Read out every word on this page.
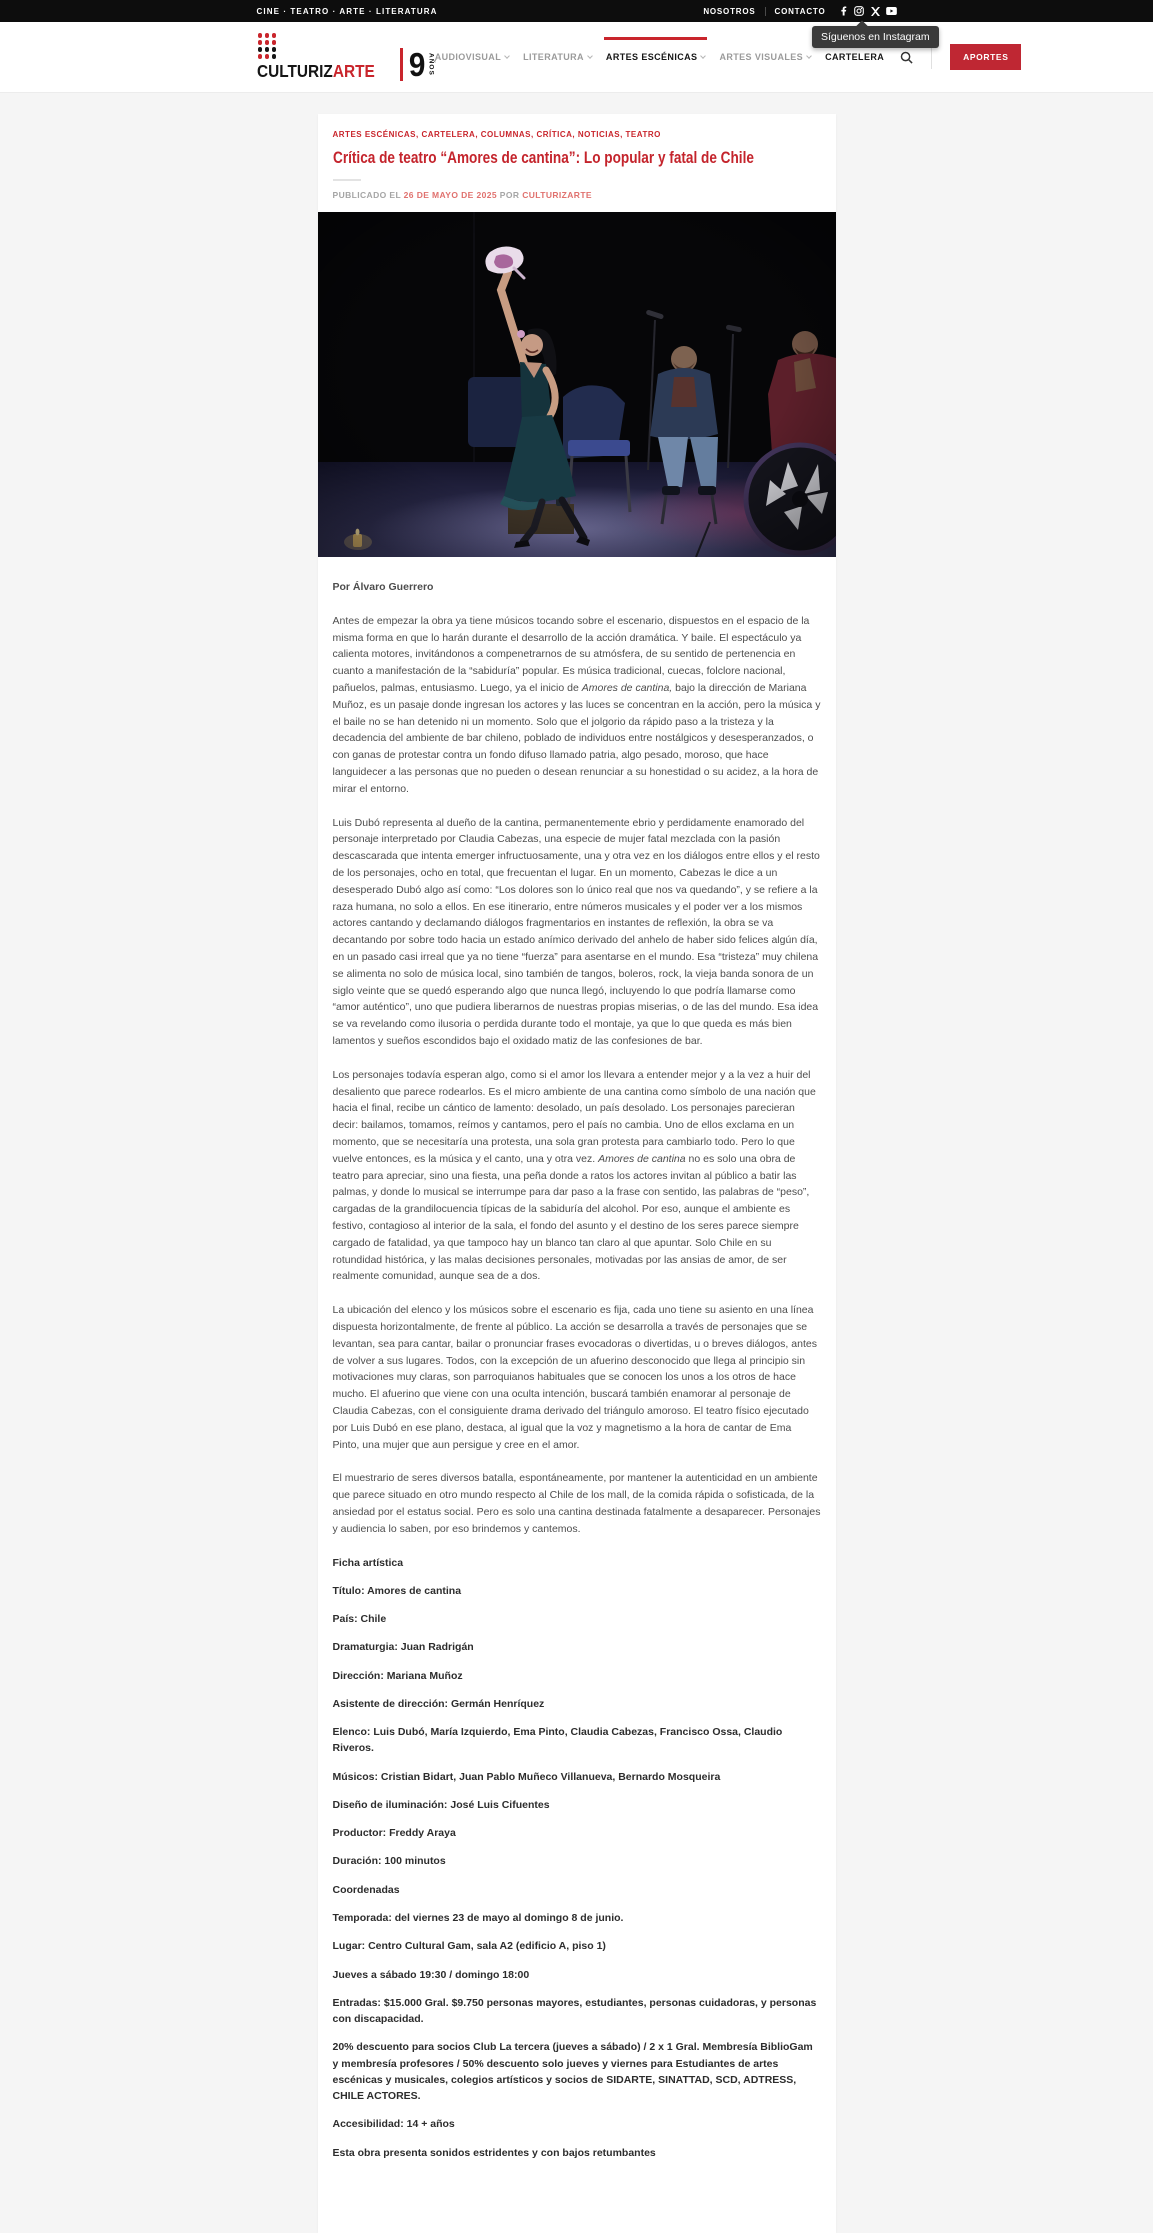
CINE · TEATRO · ARTE · LITERATURA	NOSOTROS CONTACTO
Síguenos en Instagram
CULTURIZARTE 9 AÑOS AUDIOVISUAL	LITERATURA	ARTES ESCÉNICAS	ARTES VISUALES	CARTELERA	APORTES
ARTES ESCÉNICAS, CARTELERA, COLUMNAS, CRÍTICA, NOTICIAS, TEATRO
Crítica de teatro “Amores de cantina”: Lo popular y fatal de Chile
PUBLICADO EL 26 DE MAYO DE 2025 POR CULTURIZARTE

Por Álvaro Guerrero

Antes de empezar la obra ya tiene músicos tocando sobre el escenario, dispuestos en el espacio de la misma forma en que lo harán durante el desarrollo de la acción dramática. Y baile. El espectáculo ya calienta motores, invitándonos a compenetrarnos de su atmósfera, de su sentido de pertenencia en cuanto a manifestación de la “sabiduría” popular. Es música tradicional, cuecas, folclore nacional, pañuelos, palmas, entusiasmo. Luego, ya el inicio de Amores de cantina, bajo la dirección de Mariana Muñoz, es un pasaje donde ingresan los actores y las luces se concentran en la acción, pero la música y el baile no se han detenido ni un momento. Solo que el jolgorio da rápido paso a la tristeza y la decadencia del ambiente de bar chileno, poblado de individuos entre nostálgicos y desesperanzados, o con ganas de protestar contra un fondo difuso llamado patria, algo pesado, moroso, que hace languidecer a las personas que no pueden o desean renunciar a su honestidad o su acidez, a la hora de mirar el entorno.

Luis Dubó representa al dueño de la cantina, permanentemente ebrio y perdidamente enamorado del personaje interpretado por Claudia Cabezas, una especie de mujer fatal mezclada con la pasión descascarada que intenta emerger infructuosamente, una y otra vez en los diálogos entre ellos y el resto de los personajes, ocho en total, que frecuentan el lugar. En un momento, Cabezas le dice a un desesperado Dubó algo así como: “Los dolores son lo único real que nos va quedando”, y se refiere a la raza humana, no solo a ellos. En ese itinerario, entre números musicales y el poder ver a los mismos actores cantando y declamando diálogos fragmentarios en instantes de reflexión, la obra se va decantando por sobre todo hacia un estado anímico derivado del anhelo de haber sido felices algún día, en un pasado casi irreal que ya no tiene “fuerza” para asentarse en el mundo. Esa “tristeza” muy chilena se alimenta no solo de música local, sino también de tangos, boleros, rock, la vieja banda sonora de un siglo veinte que se quedó esperando algo que nunca llegó, incluyendo lo que podría llamarse como “amor auténtico”, uno que pudiera liberarnos de nuestras propias miserias, o de las del mundo. Esa idea se va revelando como ilusoria o perdida durante todo el montaje, ya que lo que queda es más bien lamentos y sueños escondidos bajo el oxidado matiz de las confesiones de bar.

Los personajes todavía esperan algo, como si el amor los llevara a entender mejor y a la vez a huir del desaliento que parece rodearlos. Es el micro ambiente de una cantina como símbolo de una nación que hacia el final, recibe un cántico de lamento: desolado, un país desolado. Los personajes parecieran decir: bailamos, tomamos, reímos y cantamos, pero el país no cambia. Uno de ellos exclama en un momento, que se necesitaría una protesta, una sola gran protesta para cambiarlo todo. Pero lo que vuelve entonces, es la música y el canto, una y otra vez. Amores de cantina no es solo una obra de teatro para apreciar, sino una fiesta, una peña donde a ratos los actores invitan al público a batir las palmas, y donde lo musical se interrumpe para dar paso a la frase con sentido, las palabras de “peso”, cargadas de la grandilocuencia típicas de la sabiduría del alcohol. Por eso, aunque el ambiente es festivo, contagioso al interior de la sala, el fondo del asunto y el destino de los seres parece siempre cargado de fatalidad, ya que tampoco hay un blanco tan claro al que apuntar. Solo Chile en su rotundidad histórica, y las malas decisiones personales, motivadas por las ansias de amor, de ser realmente comunidad, aunque sea de a dos.

La ubicación del elenco y los músicos sobre el escenario es fija, cada uno tiene su asiento en una línea dispuesta horizontalmente, de frente al público. La acción se desarrolla a través de personajes que se levantan, sea para cantar, bailar o pronunciar frases evocadoras o divertidas, u o breves diálogos, antes de volver a sus lugares. Todos, con la excepción de un afuerino desconocido que llega al principio sin motivaciones muy claras, son parroquianos habituales que se conocen los unos a los otros de hace mucho. El afuerino que viene con una oculta intención, buscará también enamorar al personaje de Claudia Cabezas, con el consiguiente drama derivado del triángulo amoroso. El teatro físico ejecutado por Luis Dubó en ese plano, destaca, al igual que la voz y magnetismo a la hora de cantar de Ema Pinto, una mujer que aun persigue y cree en el amor.

El muestrario de seres diversos batalla, espontáneamente, por mantener la autenticidad en un ambiente que parece situado en otro mundo respecto al Chile de los mall, de la comida rápida o sofisticada, de la ansiedad por el estatus social. Pero es solo una cantina destinada fatalmente a desaparecer. Personajes y audiencia lo saben, por eso brindemos y cantemos.

Ficha artística

Título: Amores de cantina

País: Chile

Dramaturgia: Juan Radrigán

Dirección: Mariana Muñoz

Asistente de dirección: Germán Henríquez

Elenco: Luis Dubó, María Izquierdo, Ema Pinto, Claudia Cabezas, Francisco Ossa, Claudio Riveros.

Músicos: Cristian Bidart, Juan Pablo Muñeco Villanueva, Bernardo Mosqueira

Diseño de iluminación: José Luis Cifuentes

Productor: Freddy Araya

Duración: 100 minutos

Coordenadas

Temporada: del viernes 23 de mayo al domingo 8 de junio.

Lugar: Centro Cultural Gam, sala A2 (edificio A, piso 1)

Jueves a sábado 19:30 / domingo 18:00

Entradas: $15.000 Gral. $9.750 personas mayores, estudiantes, personas cuidadoras, y personas con discapacidad.

20% descuento para socios Club La tercera (jueves a sábado) / 2 x 1 Gral. Membresía BiblioGam y membresía profesores / 50% descuento solo jueves y viernes para Estudiantes de artes escénicas y musicales, colegios artísticos y socios de SIDARTE, SINATTAD, SCD, ADTRESS, CHILE ACTORES.

Accesibilidad: 14 + años

Esta obra presenta sonidos estridentes y con bajos retumbantes
